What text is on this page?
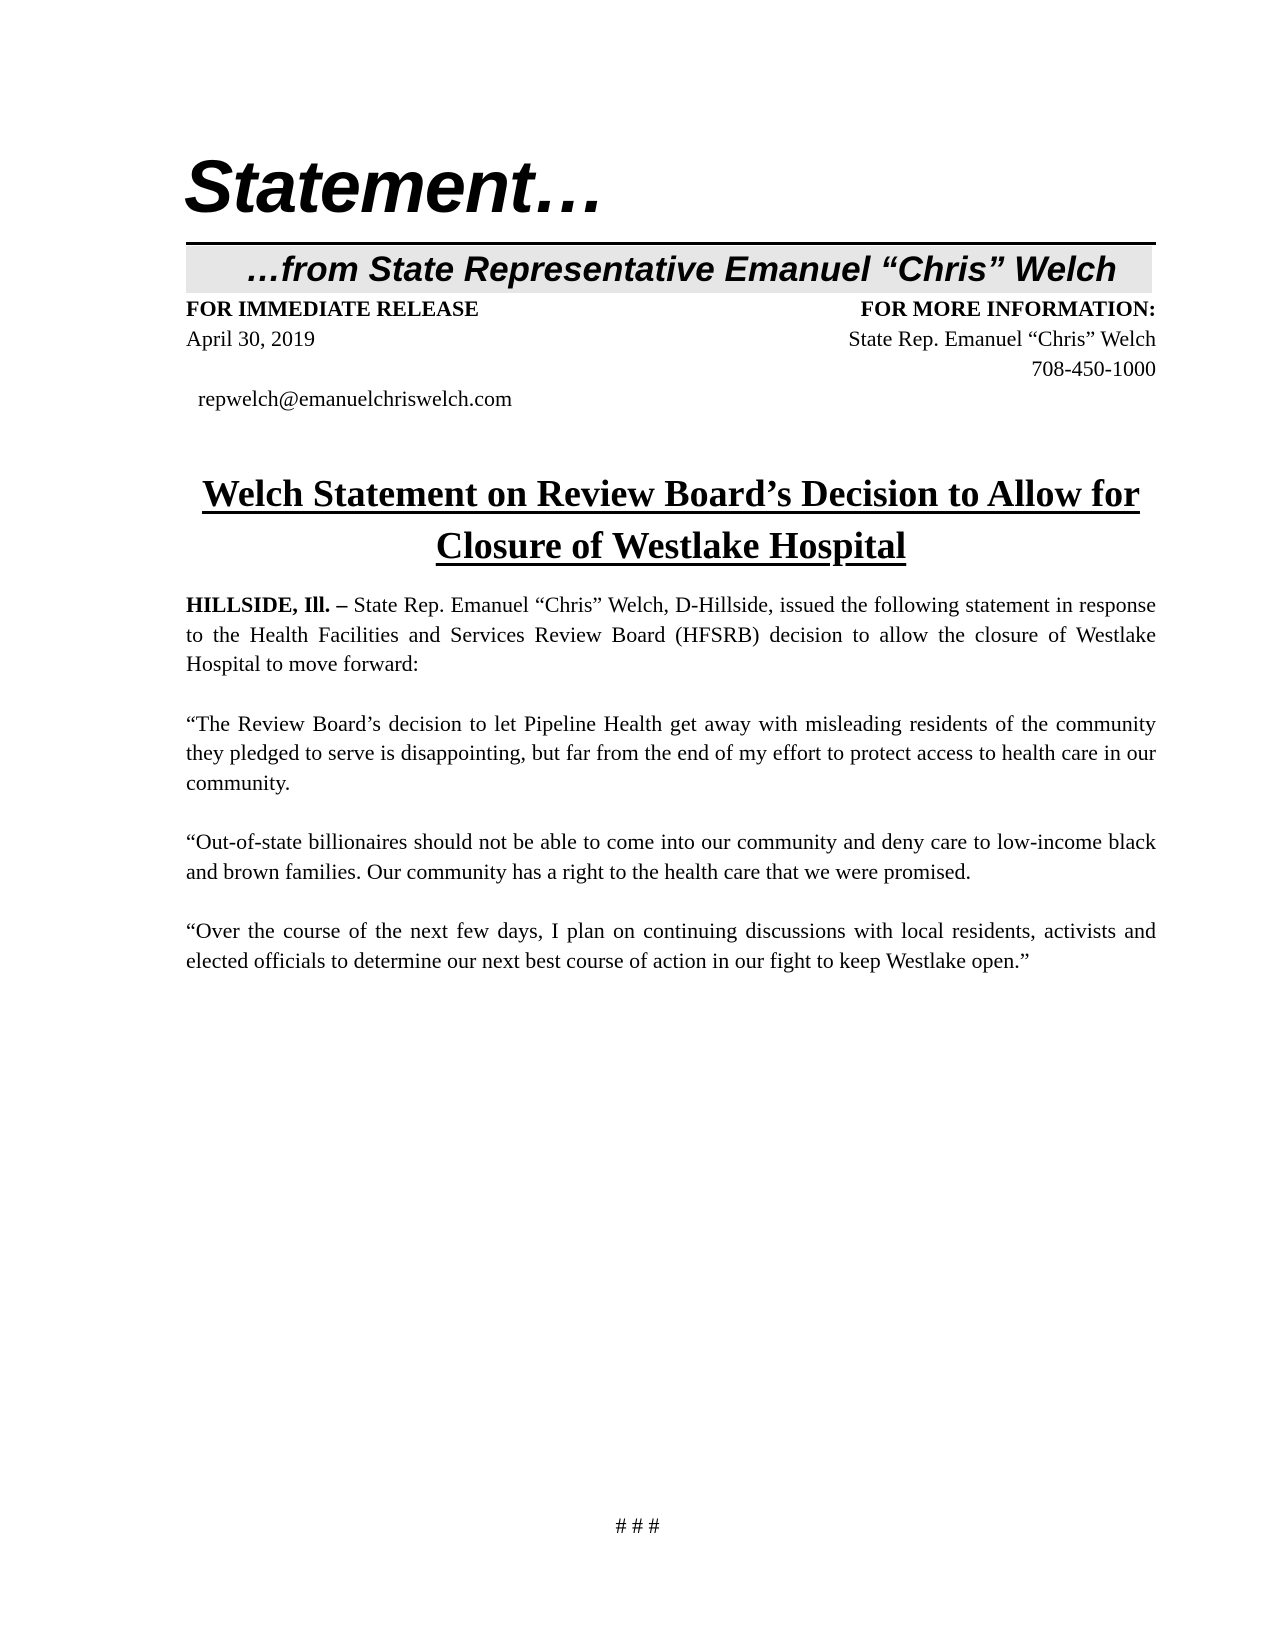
Statement…

…from State Representative Emanuel “Chris” Welch

FOR IMMEDIATE RELEASE
April 30, 2019
FOR MORE INFORMATION:
State Rep. Emanuel “Chris” Welch
708-450-1000
repwelch@emanuelchriswelch.com
Welch Statement on Review Board’s Decision to Allow for Closure of Westlake Hospital

HILLSIDE, Ill. – State Rep. Emanuel “Chris” Welch, D-Hillside, issued the following statement in response to the Health Facilities and Services Review Board (HFSRB) decision to allow the closure of Westlake Hospital to move forward:

“The Review Board’s decision to let Pipeline Health get away with misleading residents of the community they pledged to serve is disappointing, but far from the end of my effort to protect access to health care in our community.

“Out-of-state billionaires should not be able to come into our community and deny care to low-income black and brown families. Our community has a right to the health care that we were promised.

“Over the course of the next few days, I plan on continuing discussions with local residents, activists and elected officials to determine our next best course of action in our fight to keep Westlake open.”

# # #
